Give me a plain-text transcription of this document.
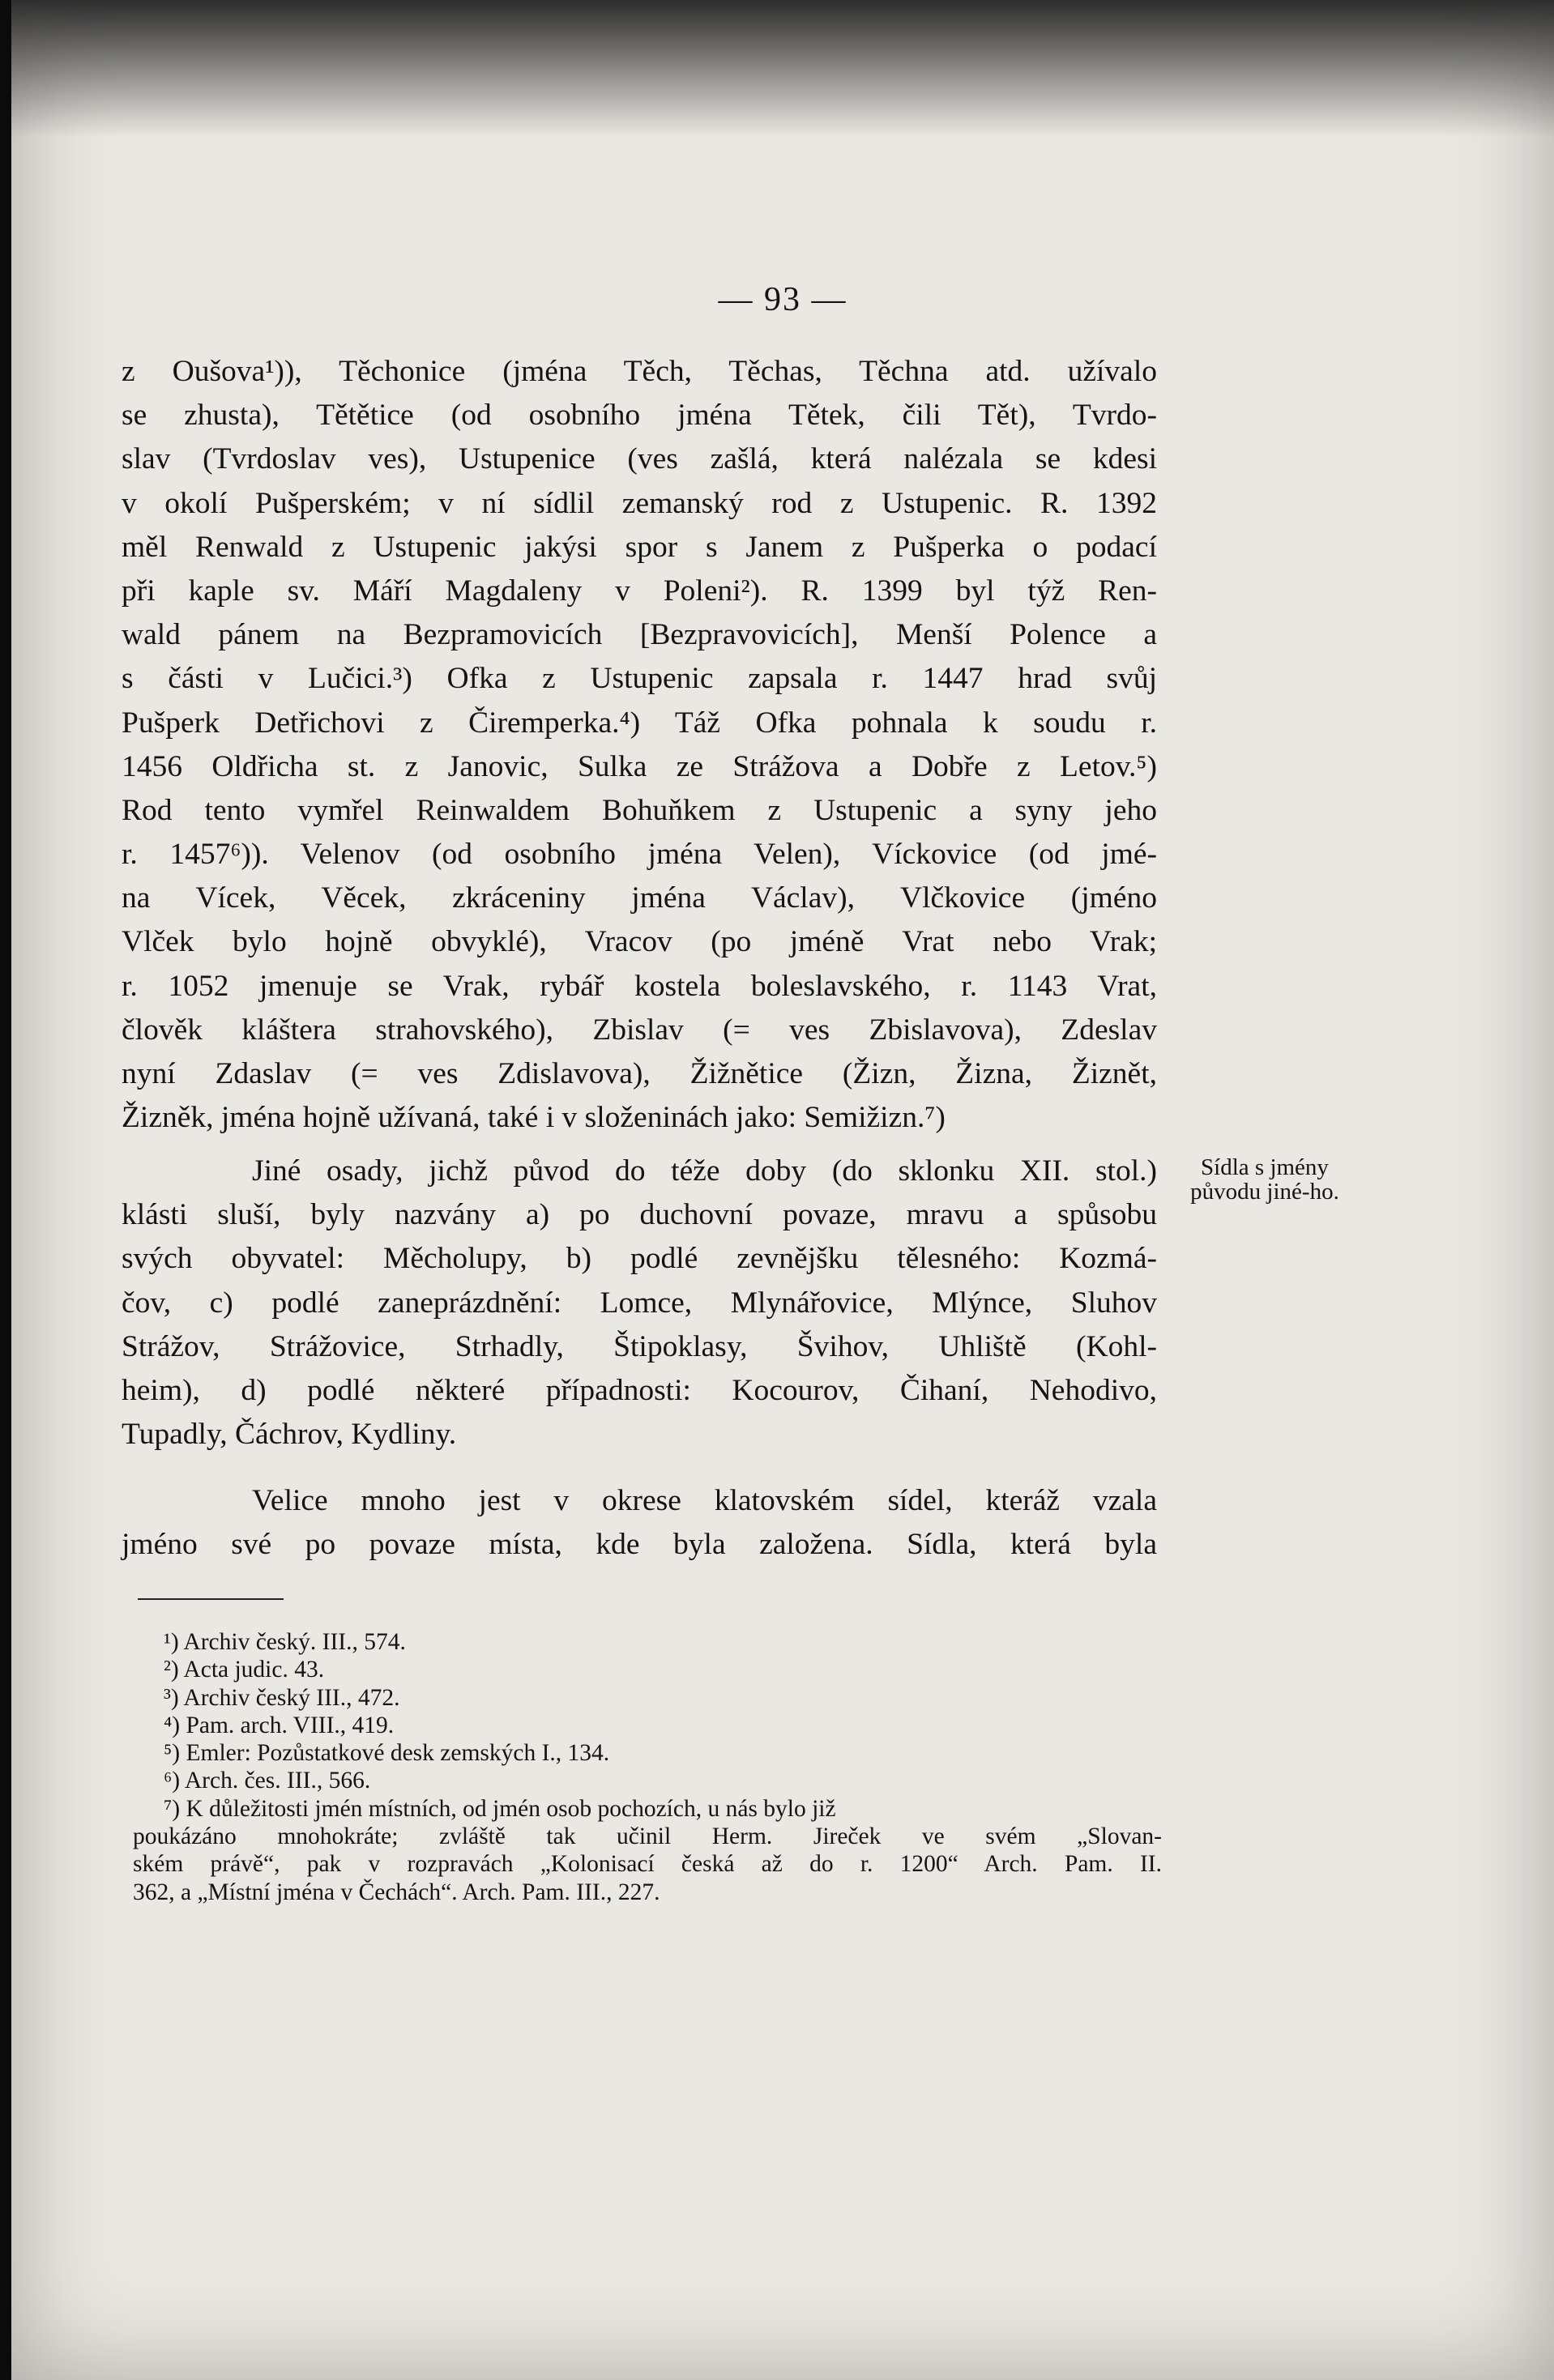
— 93 —
z Oušova¹)), Těchonice (jména Těch, Těchas, Těchna atd. užívalo
se zhusta), Tětětice (od osobního jména Tětek, čili Tět), Tvrdo-
slav (Tvrdoslav ves), Ustupenice (ves zašlá, která nalézala se kdesi
v okolí Pušperském; v ní sídlil zemanský rod z Ustupenic. R. 1392
měl Renwald z Ustupenic jakýsi spor s Janem z Pušperka o podací
při kaple sv. Máří Magdaleny v Poleni²). R. 1399 byl týž Ren-
wald pánem na Bezpramovicích [Bezpravovicích], Menší Polence a
s části v Lučici.³) Ofka z Ustupenic zapsala r. 1447 hrad svůj
Pušperk Detřichovi z Čiremperka.⁴) Táž Ofka pohnala k soudu r.
1456 Oldřicha st. z Janovic, Sulka ze Strážova a Dobře z Letov.⁵)
Rod tento vymřel Reinwaldem Bohuňkem z Ustupenic a syny jeho
r. 1457⁶)). Velenov (od osobního jména Velen), Víckovice (od jmé-
na Vícek, Věcek, zkráceniny jména Václav), Vlčkovice (jméno
Vlček bylo hojně obvyklé), Vracov (po jméně Vrat nebo Vrak;
r. 1052 jmenuje se Vrak, rybář kostela boleslavského, r. 1143 Vrat,
člověk kláštera strahovského), Zbislav (= ves Zbislavova), Zdeslav
nyní Zdaslav (= ves Zdislavova), Žižnětice (Žizn, Žizna, Žiznět,
Žizněk, jména hojně užívaná, také i v složeninách jako: Semižizn.⁷)
Jiné osady, jichž původ do téže doby (do sklonku XII. stol.)
klásti sluší, byly nazvány a) po duchovní povaze, mravu a spůsobu
svých obyvatel: Měcholupy, b) podlé zevnějšku tělesného: Kozmá-
čov, c) podlé zaneprázdnění: Lomce, Mlynářovice, Mlýnce, Sluhov
Strážov, Strážovice, Strhadly, Štipoklasy, Švihov, Uhliště (Kohl-
heim), d) podlé některé případnosti: Kocourov, Čihaní, Nehodivo,
Tupadly, Čáchrov, Kydliny.
Sídla s jmény původu jiné-ho.
Velice mnoho jest v okrese klatovském sídel, kteráž vzala
jméno své po povaze místa, kde byla založena. Sídla, která byla
¹) Archiv český. III., 574.
²) Acta judic. 43.
³) Archiv český III., 472.
⁴) Pam. arch. VIII., 419.
⁵) Emler: Pozůstatkové desk zemských I., 134.
⁶) Arch. čes. III., 566.
⁷) K důležitosti jmén místních, od jmén osob pochozích, u nás bylo již
poukázáno mnohokráte; zvláště tak učinil Herm. Jireček ve svém „Slovan-
ském právě“, pak v rozpravách „Kolonisací česká až do r. 1200“ Arch. Pam. II.
362, a „Místní jména v Čechách“. Arch. Pam. III., 227.
